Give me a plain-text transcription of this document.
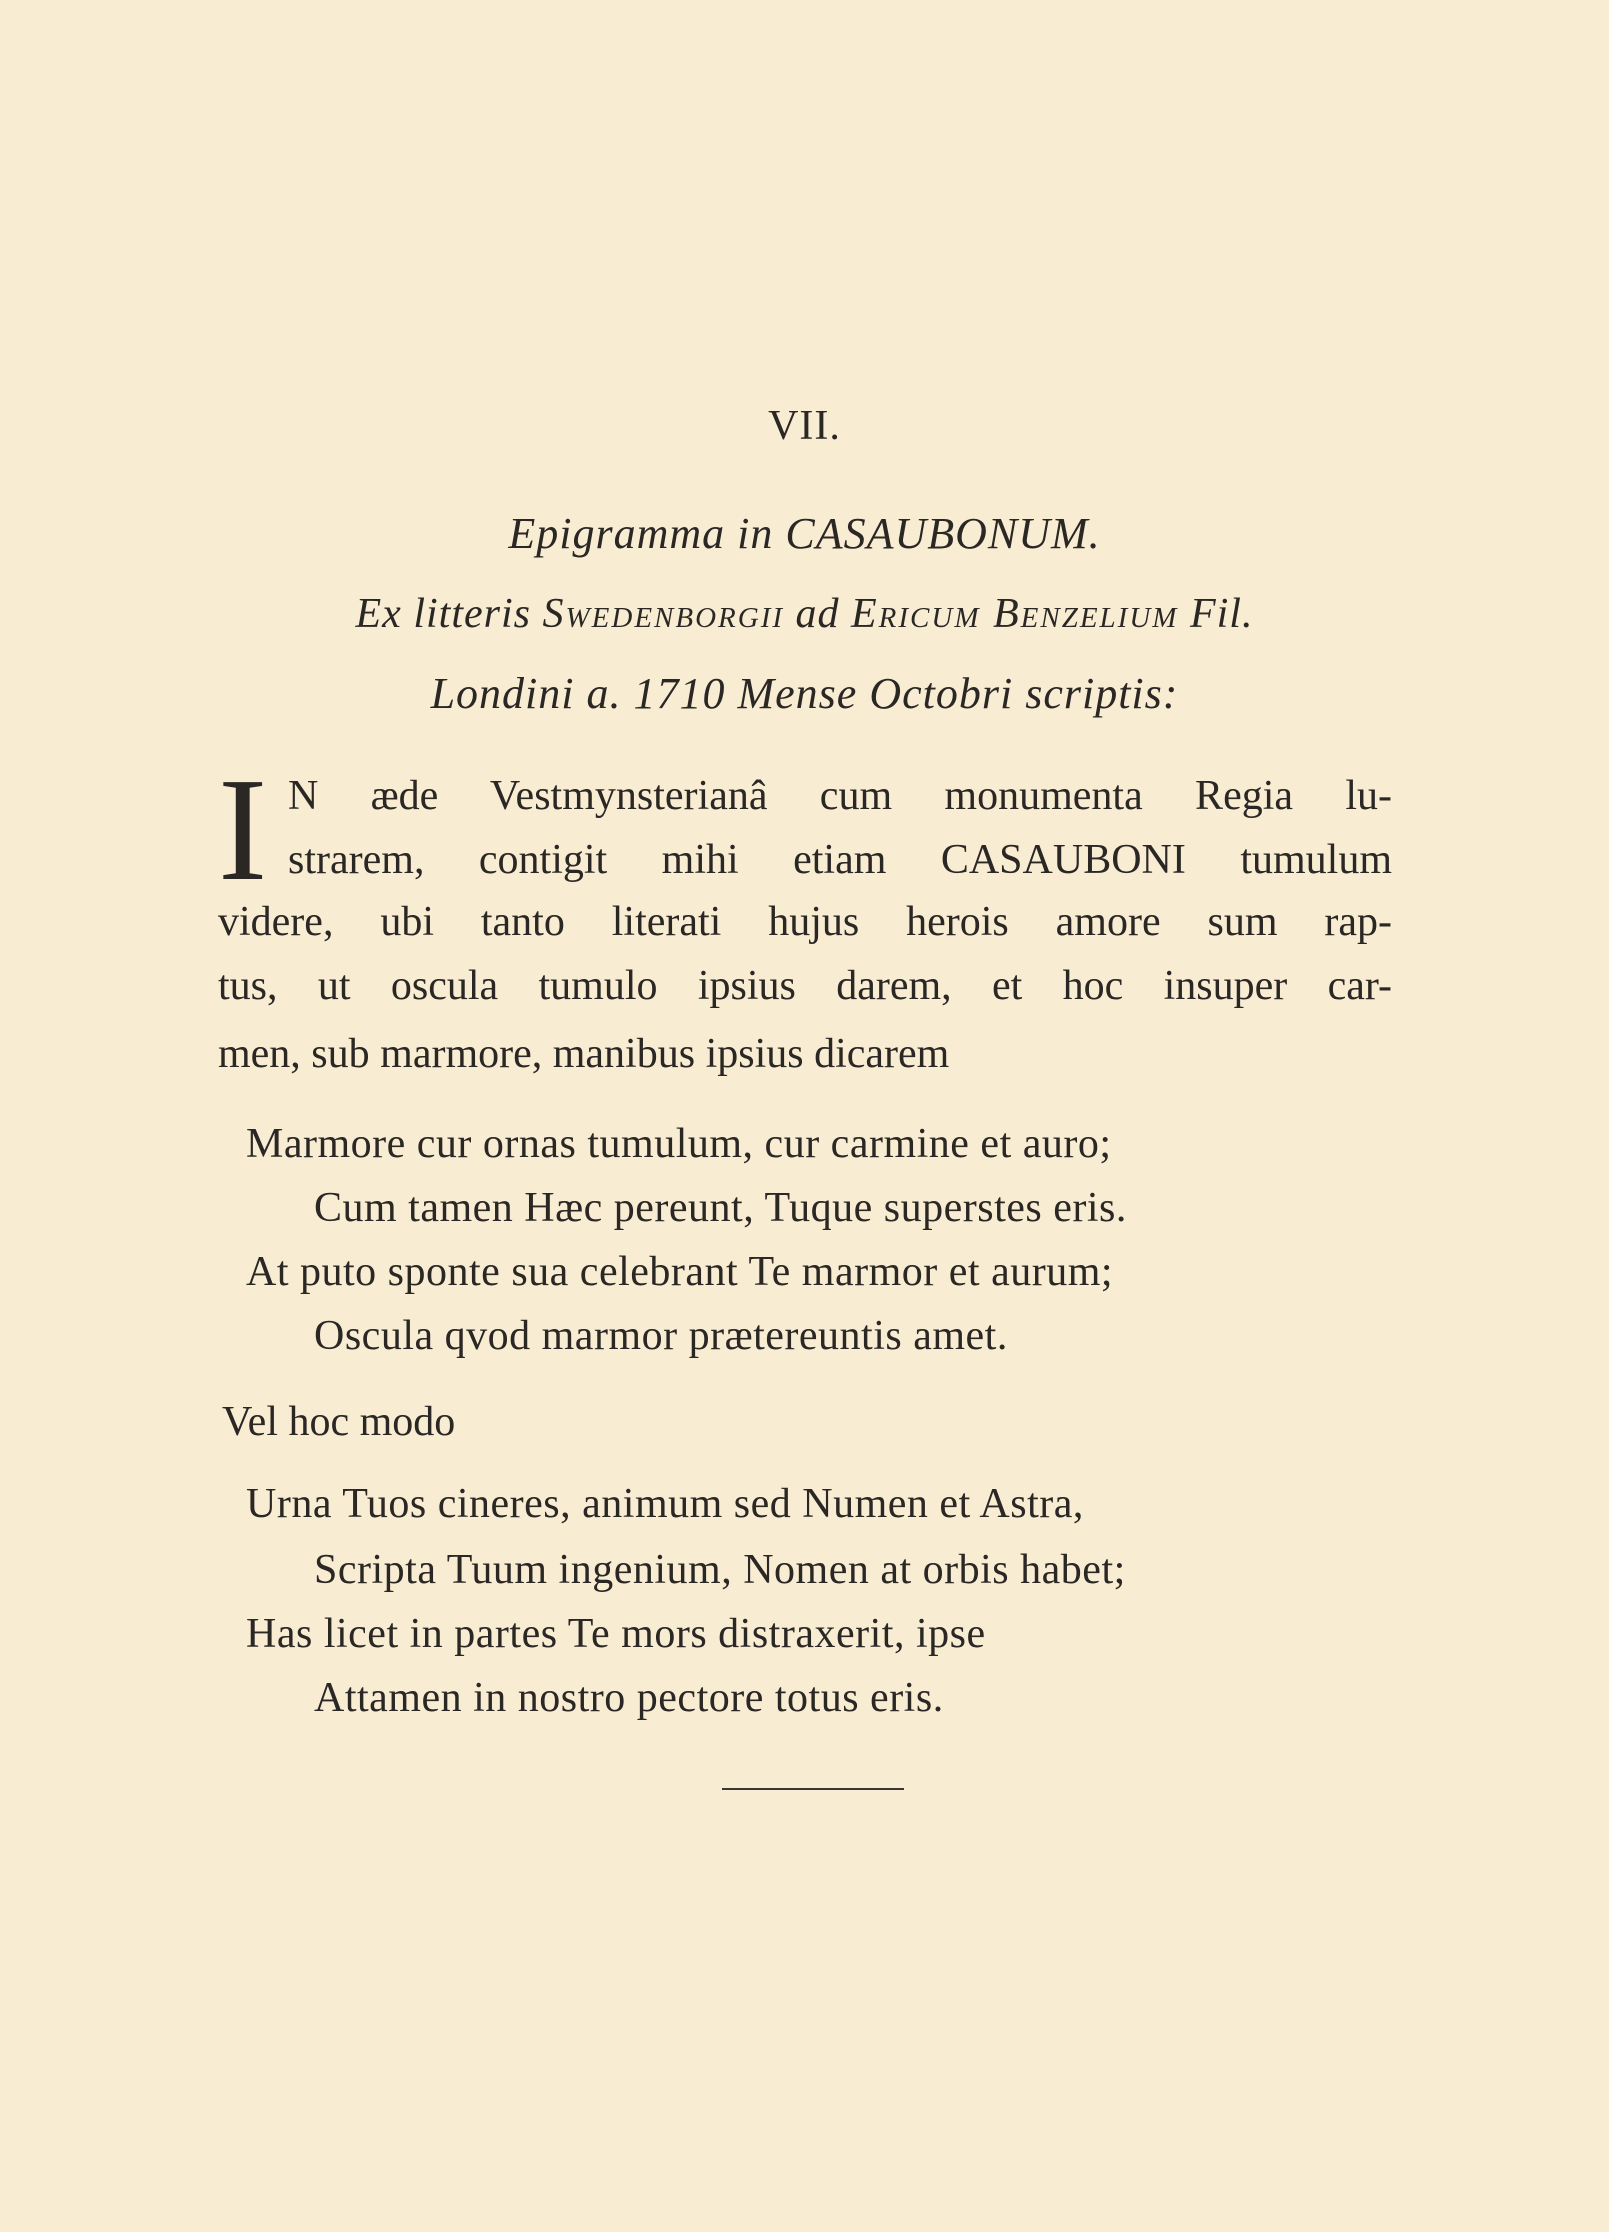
VII.
Epigramma in CASAUBONUM.
Ex litteris Swedenborgii ad Ericum Benzelium Fil.
Londini a. 1710 Mense Octobri scriptis:
I N æde Vestmynsterianâ cum monumenta Regia lu-
strarem, contigit mihi etiam CASAUBONI tumulum
videre, ubi tanto literati hujus herois amore sum rap-
tus, ut oscula tumulo ipsius darem, et hoc insuper car-
men, sub marmore, manibus ipsius dicarem
Marmore cur ornas tumulum, cur carmine et auro;
Cum tamen Hæc pereunt, Tuque superstes eris.
At puto sponte sua celebrant Te marmor et aurum;
Oscula qvod marmor prætereuntis amet.
Vel hoc modo
Urna Tuos cineres, animum sed Numen et Astra,
Scripta Tuum ingenium, Nomen at orbis habet;
Has licet in partes Te mors distraxerit, ipse
Attamen in nostro pectore totus eris.
